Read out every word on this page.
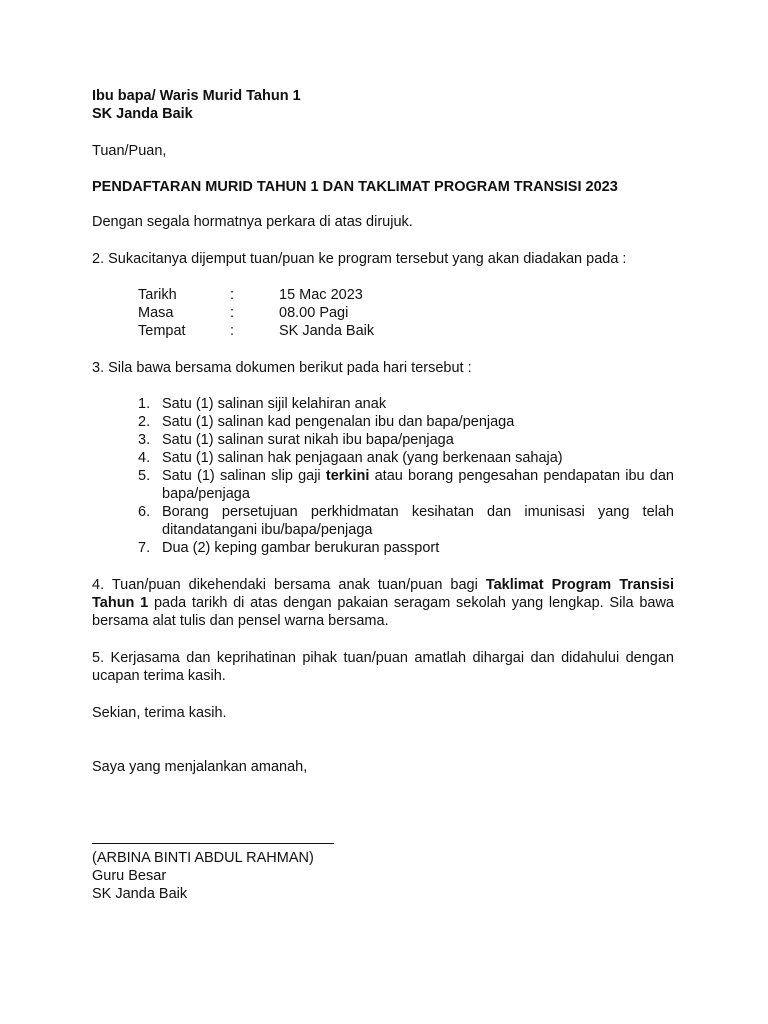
Ibu bapa/ Waris Murid Tahun 1
SK Janda Baik
Tuan/Puan,
PENDAFTARAN MURID TAHUN 1 DAN TAKLIMAT PROGRAM TRANSISI 2023
Dengan segala hormatnya perkara di atas dirujuk.
2. Sukacitanya dijemput tuan/puan ke program tersebut yang akan diadakan pada :
Tarikh	:	15 Mac 2023
Masa	:	08.00 Pagi
Tempat	:	SK Janda Baik
3. Sila bawa bersama dokumen berikut pada hari tersebut :
1. Satu (1) salinan sijil kelahiran anak
2. Satu (1) salinan kad pengenalan ibu dan bapa/penjaga
3. Satu (1) salinan surat nikah ibu bapa/penjaga
4. Satu (1) salinan hak penjagaan anak (yang berkenaan sahaja)
5. Satu (1) salinan slip gaji terkini atau borang pengesahan pendapatan ibu dan bapa/penjaga
6. Borang persetujuan perkhidmatan kesihatan dan imunisasi yang telah ditandatangani ibu/bapa/penjaga
7. Dua (2) keping gambar berukuran passport
4. Tuan/puan dikehendaki bersama anak tuan/puan bagi Taklimat Program Transisi Tahun 1 pada tarikh di atas dengan pakaian seragam sekolah yang lengkap. Sila bawa bersama alat tulis dan pensel warna bersama.
5. Kerjasama dan keprihatinan pihak tuan/puan amatlah dihargai dan didahului dengan ucapan terima kasih.
Sekian, terima kasih.
Saya yang menjalankan amanah,
(ARBINA BINTI ABDUL RAHMAN)
Guru Besar
SK Janda Baik
